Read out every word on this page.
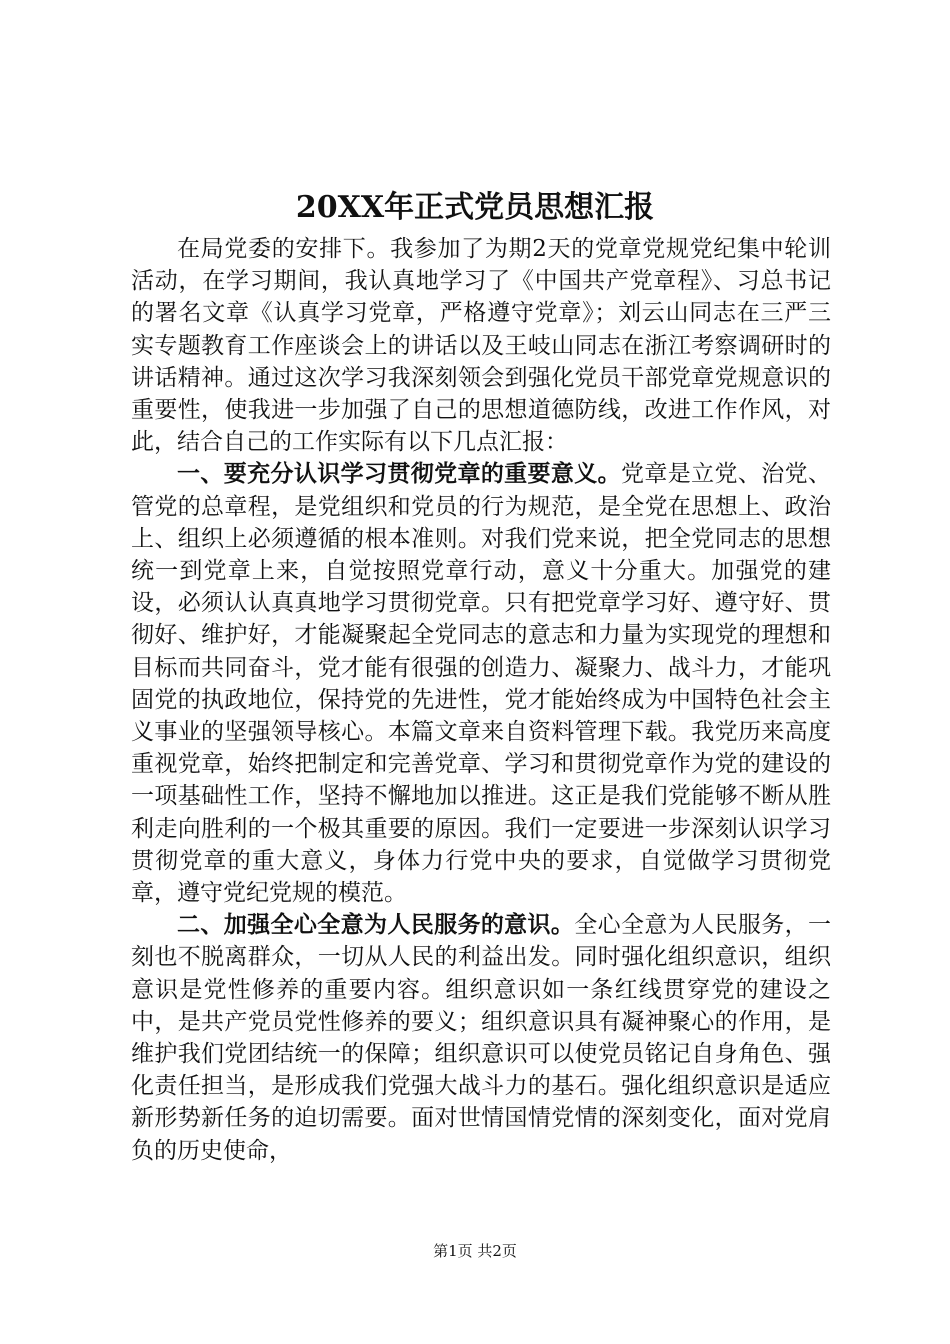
20XX年正式党员思想汇报

在局党委的安排下。我参加了为期2天的党章党规党纪集中轮训活动，在学习期间，我认真地学习了《中国共产党章程》、习总书记的署名文章《认真学习党章，严格遵守党章》；刘云山同志在三严三实专题教育工作座谈会上的讲话以及王岐山同志在浙江考察调研时的讲话精神。通过这次学习我深刻领会到强化党员干部党章党规意识的重要性，使我进一步加强了自己的思想道德防线，改进工作作风，对此，结合自己的工作实际有以下几点汇报：

一、要充分认识学习贯彻党章的重要意义。党章是立党、治党、管党的总章程，是党组织和党员的行为规范，是全党在思想上、政治上、组织上必须遵循的根本准则。对我们党来说，把全党同志的思想统一到党章上来，自觉按照党章行动，意义十分重大。加强党的建设，必须认认真真地学习贯彻党章。只有把党章学习好、遵守好、贯彻好、维护好，才能凝聚起全党同志的意志和力量为实现党的理想和目标而共同奋斗，党才能有很强的创造力、凝聚力、战斗力，才能巩固党的执政地位，保持党的先进性，党才能始终成为中国特色社会主义事业的坚强领导核心。本篇文章来自资料管理下载。我党历来高度重视党章，始终把制定和完善党章、学习和贯彻党章作为党的建设的一项基础性工作，坚持不懈地加以推进。这正是我们党能够不断从胜利走向胜利的一个极其重要的原因。我们一定要进一步深刻认识学习贯彻党章的重大意义，身体力行党中央的要求，自觉做学习贯彻党章，遵守党纪党规的模范。

二、加强全心全意为人民服务的意识。全心全意为人民服务，一刻也不脱离群众，一切从人民的利益出发。同时强化组织意识，组织意识是党性修养的重要内容。组织意识如一条红线贯穿党的建设之中，是共产党员党性修养的要义；组织意识具有凝神聚心的作用，是维护我们党团结统一的保障；组织意识可以使党员铭记自身角色、强化责任担当，是形成我们党强大战斗力的基石。强化组织意识是适应新形势新任务的迫切需要。面对世情国情党情的深刻变化，面对党肩负的历史使命，

第1页 共2页
